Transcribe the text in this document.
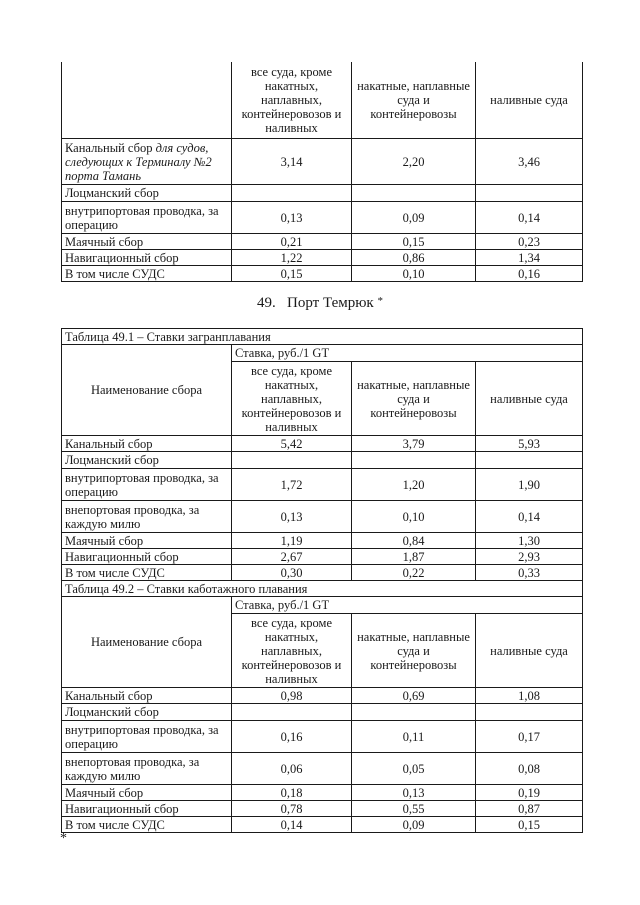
	все суда, кроме накатных, наплавных, контейнеровозов и наливных	накатные, наплавные суда и контейнеровозы	наливные суда
Канальный сбор для судов, следующих к Терминалу №2 порта Тамань	3,14	2,20	3,46
Лоцманский сбор			
внутрипортовая проводка, за операцию	0,13	0,09	0,14
Маячный сбор	0,21	0,15	0,23
Навигационный сбор	1,22	0,86	1,34
В том числе СУДС	0,15	0,10	0,16
49. Порт Темрюк *
Таблица 49.1 – Ставки загранплавания			
Наименование сбора	Ставка, руб./1 GT		
	все суда, кроме накатных, наплавных, контейнеровозов и наливных	накатные, наплавные суда и контейнеровозы	наливные суда
Канальный сбор	5,42	3,79	5,93
Лоцманский сбор			
внутрипортовая проводка, за операцию	1,72	1,20	1,90
внепортовая проводка, за каждую милю	0,13	0,10	0,14
Маячный сбор	1,19	0,84	1,30
Навигационный сбор	2,67	1,87	2,93
В том числе СУДС	0,30	0,22	0,33
Таблица 49.2 – Ставки каботажного плавания			
Наименование сбора	Ставка, руб./1 GT		
	все суда, кроме накатных, наплавных, контейнеровозов и наливных	накатные, наплавные суда и контейнеровозы	наливные суда
Канальный сбор	0,98	0,69	1,08
Лоцманский сбор			
внутрипортовая проводка, за операцию	0,16	0,11	0,17
внепортовая проводка, за каждую милю	0,06	0,05	0,08
Маячный сбор	0,18	0,13	0,19
Навигационный сбор	0,78	0,55	0,87
В том числе СУДС	0,14	0,09	0,15
*
